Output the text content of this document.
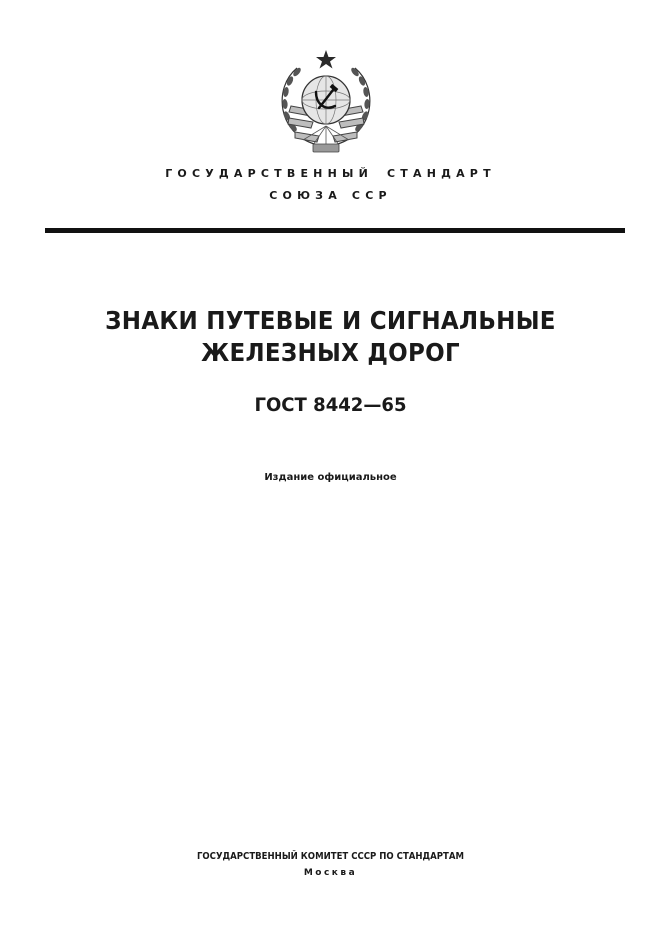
ГОСУДАРСТВЕННЫЙ СТАНДАРТ
СОЮЗА ССР
ЗНАКИ ПУТЕВЫЕ И СИГНАЛЬНЫЕ
ЖЕЛЕЗНЫХ ДОРОГ
ГОСТ 8442—65
Издание официальное
ГОСУДАРСТВЕННЫЙ КОМИТЕТ СССР ПО СТАНДАРТАМ
Москва
